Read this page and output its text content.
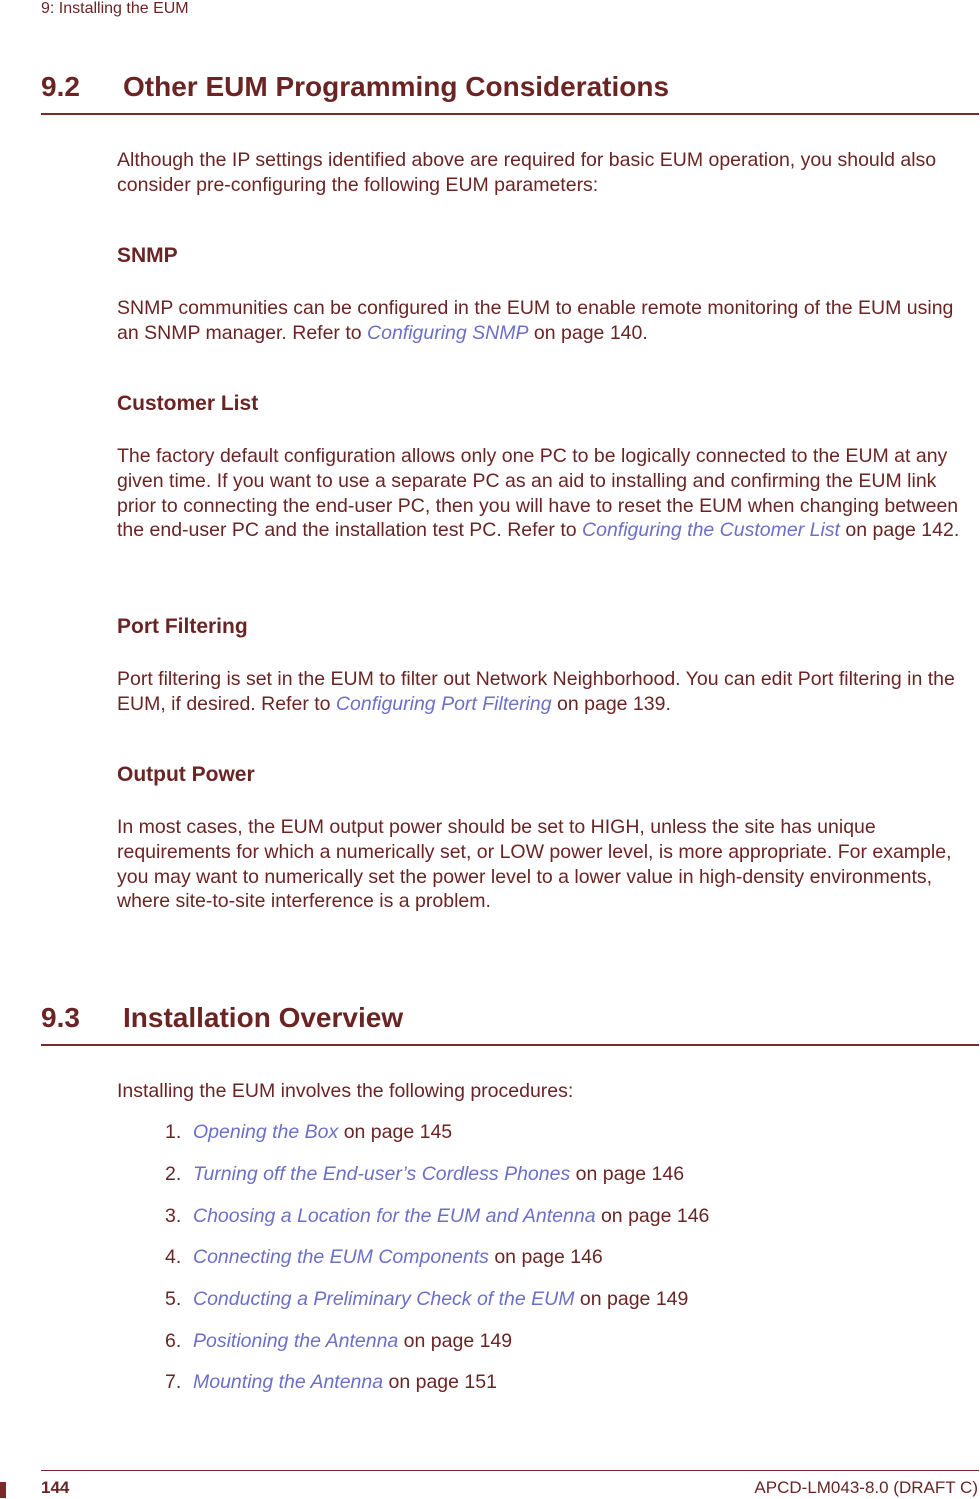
9: Installing the EUM
9.2 Other EUM Programming Considerations

Although the IP settings identified above are required for basic EUM operation, you should also consider pre-configuring the following EUM parameters:

SNMP

SNMP communities can be configured in the EUM to enable remote monitoring of the EUM using an SNMP manager. Refer to Configuring SNMP on page 140.

Customer List

The factory default configuration allows only one PC to be logically connected to the EUM at any given time. If you want to use a separate PC as an aid to installing and confirming the EUM link prior to connecting the end-user PC, then you will have to reset the EUM when changing between the end-user PC and the installation test PC. Refer to Configuring the Customer List on page 142.

Port Filtering

Port filtering is set in the EUM to filter out Network Neighborhood. You can edit Port filtering in the EUM, if desired. Refer to Configuring Port Filtering on page 139.

Output Power

In most cases, the EUM output power should be set to HIGH, unless the site has unique requirements for which a numerically set, or LOW power level, is more appropriate. For example, you may want to numerically set the power level to a lower value in high-density environments, where site-to-site interference is a problem.

9.3 Installation Overview

Installing the EUM involves the following procedures:

1. Opening the Box on page 145
2. Turning off the End-user’s Cordless Phones on page 146
3. Choosing a Location for the EUM and Antenna on page 146
4. Connecting the EUM Components on page 146
5. Conducting a Preliminary Check of the EUM on page 149
6. Positioning the Antenna on page 149
7. Mounting the Antenna on page 151
144	APCD-LM043-8.0 (DRAFT C)
